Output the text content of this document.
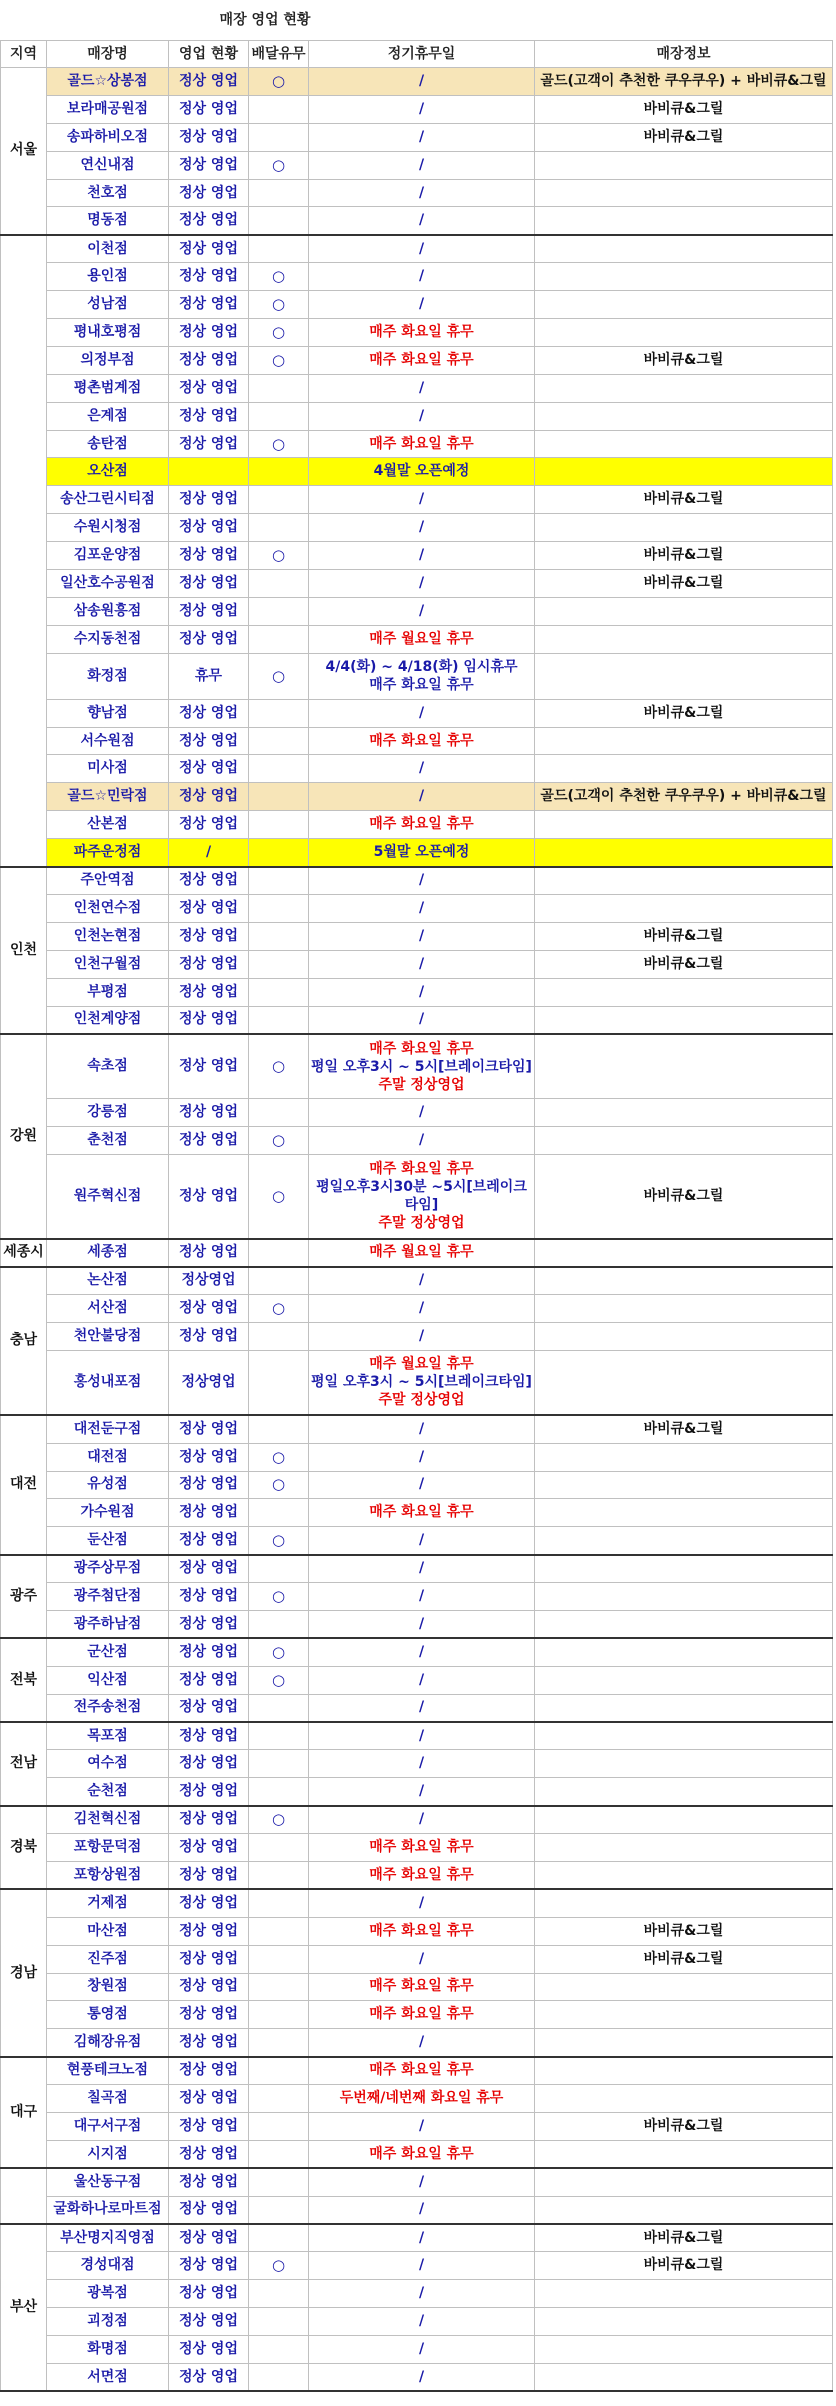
매장 영업 현황
지역	매장명	영업 현황	배달유무	정기휴무일	매장정보
서울	골드☆상봉점	정상 영업	○	/	골드(고객이 추천한 쿠우쿠우) + 바비큐&그릴
	보라매공원점	정상 영업		/	바비큐&그릴
	송파하비오점	정상 영업		/	바비큐&그릴
	연신내점	정상 영업	○	/	
	천호점	정상 영업		/	
	명동점	정상 영업		/	
	이천점	정상 영업		/	
	용인점	정상 영업	○	/	
	성남점	정상 영업	○	/	
	평내호평점	정상 영업	○	매주 화요일 휴무	
	의정부점	정상 영업	○	매주 화요일 휴무	바비큐&그릴
	평촌범계점	정상 영업		/	
	은계점	정상 영업		/	
	송탄점	정상 영업	○	매주 화요일 휴무	
	오산점			4월말 오픈예정	
	송산그린시티점	정상 영업		/	바비큐&그릴
	수원시청점	정상 영업		/	
	김포운양점	정상 영업	○	/	바비큐&그릴
	일산호수공원점	정상 영업		/	바비큐&그릴
	삼송원흥점	정상 영업		/	
	수지동천점	정상 영업		매주 월요일 휴무	
	화정점	휴무	○	4/4(화) ~ 4/18(화) 임시휴무
매주 화요일 휴무	

	향남점	정상 영업		/	바비큐&그릴
	서수원점	정상 영업		매주 화요일 휴무	
	미사점	정상 영업		/	
	골드☆민락점	정상 영업		/	골드(고객이 추천한 쿠우쿠우) + 바비큐&그릴
	산본점	정상 영업		매주 화요일 휴무	
	파주운정점	/		5월말 오픈예정	
인천	주안역점	정상 영업		/	
	인천연수점	정상 영업		/	
	인천논현점	정상 영업		/	바비큐&그릴
	인천구월점	정상 영업		/	바비큐&그릴
	부평점	정상 영업		/	
	인천계양점	정상 영업		/	
강원	속초점	정상 영업	○	매주 화요일 휴무
평일 오후3시 ~ 5시[브레이크타임]
주말 정상영업	

	강릉점	정상 영업		/	
	춘천점	정상 영업	○	/	
	원주혁신점	정상 영업	○	매주 화요일 휴무
평일오후3시30분 ~5시[브레이크타임]
주말 정상영업	바비큐&그릴
세종시	세종점	정상 영업		매주 월요일 휴무	
충남	논산점	정상영업		/	
	서산점	정상 영업	○	/	
	천안불당점	정상 영업		/	
	홍성내포점	정상영업		매주 월요일 휴무
평일 오후3시 ~ 5시[브레이크타임]
주말 정상영업	

대전	대전둔구점	정상 영업		/	바비큐&그릴
	대전점	정상 영업	○	/	
	유성점	정상 영업	○	/	
	가수원점	정상 영업		매주 화요일 휴무	
	둔산점	정상 영업	○	/	
광주	광주상무점	정상 영업		/	
	광주첨단점	정상 영업	○	/	
	광주하남점	정상 영업		/	
전북	군산점	정상 영업	○	/	
	익산점	정상 영업	○	/	
	전주송천점	정상 영업		/	
전남	목포점	정상 영업		/	
	여수점	정상 영업		/	
	순천점	정상 영업		/	
경북	김천혁신점	정상 영업	○	/	
	포항문덕점	정상 영업		매주 화요일 휴무	
	포항상원점	정상 영업		매주 화요일 휴무	
경남	거제점	정상 영업		/	
	마산점	정상 영업		매주 화요일 휴무	바비큐&그릴
	진주점	정상 영업		/	바비큐&그릴
	창원점	정상 영업		매주 화요일 휴무	
	통영점	정상 영업		매주 화요일 휴무	
	김해장유점	정상 영업		/	
대구	현풍테크노점	정상 영업		매주 화요일 휴무	
	칠곡점	정상 영업		두번째/네번째 화요일 휴무	
	대구서구점	정상 영업		/	바비큐&그릴
	시지점	정상 영업		매주 화요일 휴무	
	울산동구점	정상 영업		/	
	굴화하나로마트점	정상 영업		/	
부산	부산명지직영점	정상 영업		/	바비큐&그릴
	경성대점	정상 영업	○	/	바비큐&그릴
	광복점	정상 영업		/	
	괴정점	정상 영업		/	
	화명점	정상 영업		/	
	서면점	정상 영업		/	
